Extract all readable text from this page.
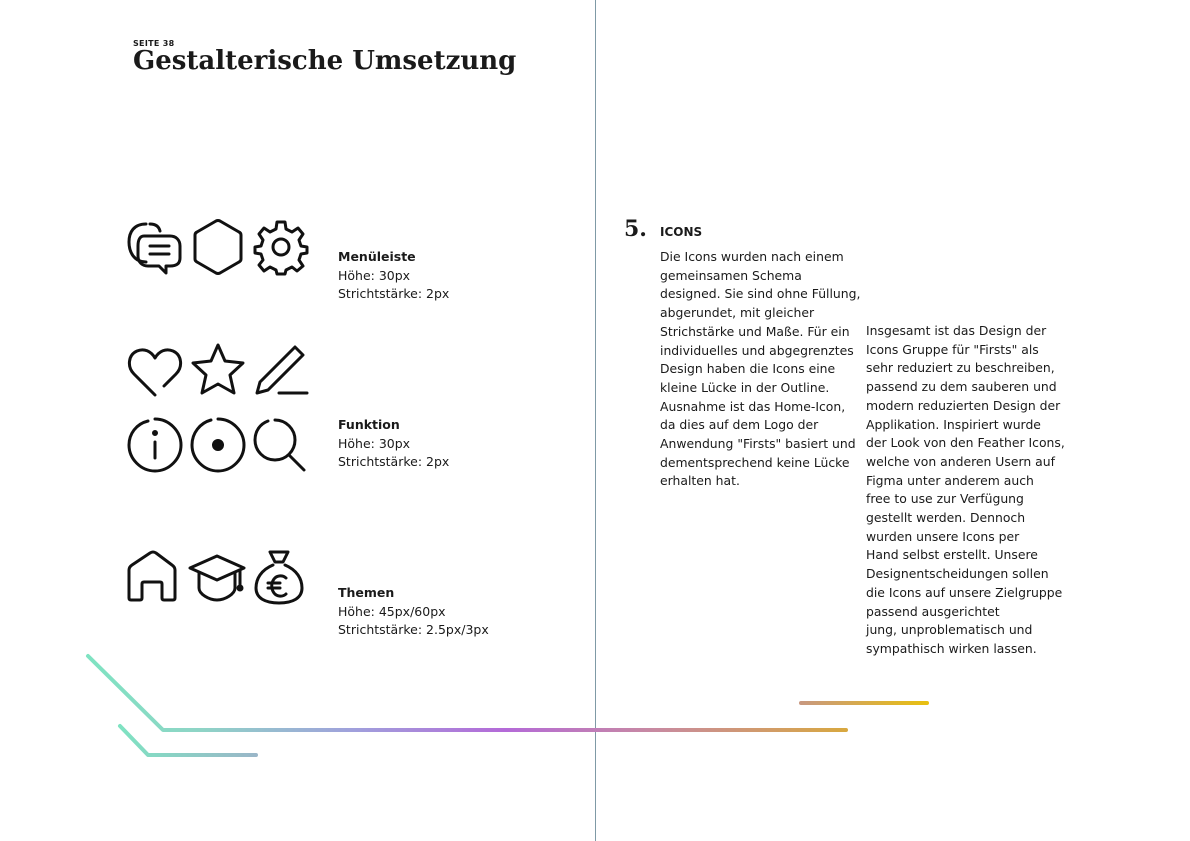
SEITE 38
Gestalterische Umsetzung
Menüleiste
Höhe: 30px
Strichtstärke: 2px
Funktion
Höhe: 30px
Strichtstärke: 2px
Themen
Höhe: 45px/60px
Strichtstärke: 2.5px/3px
5. ICONS
Die Icons wurden nach einem
gemeinsamen Schema
designed. Sie sind ohne Füllung,
abgerundet, mit gleicher
Strichstärke und Maße. Für ein
individuelles und abgegrenztes
Design haben die Icons eine
kleine Lücke in der Outline.
Ausnahme ist das Home-Icon,
da dies auf dem Logo der
Anwendung "Firsts" basiert und
dementsprechend keine Lücke
erhalten hat.
Insgesamt ist das Design der
Icons Gruppe für "Firsts" als
sehr reduziert zu beschreiben,
passend zu dem sauberen und
modern reduzierten Design der
Applikation. Inspiriert wurde
der Look von den Feather Icons,
welche von anderen Usern auf
Figma unter anderem auch
free to use zur Verfügung
gestellt werden. Dennoch
wurden unsere Icons per
Hand selbst erstellt. Unsere
Designentscheidungen sollen
die Icons auf unsere Zielgruppe
passend ausgerichtet
jung, unproblematisch und
sympathisch wirken lassen.
